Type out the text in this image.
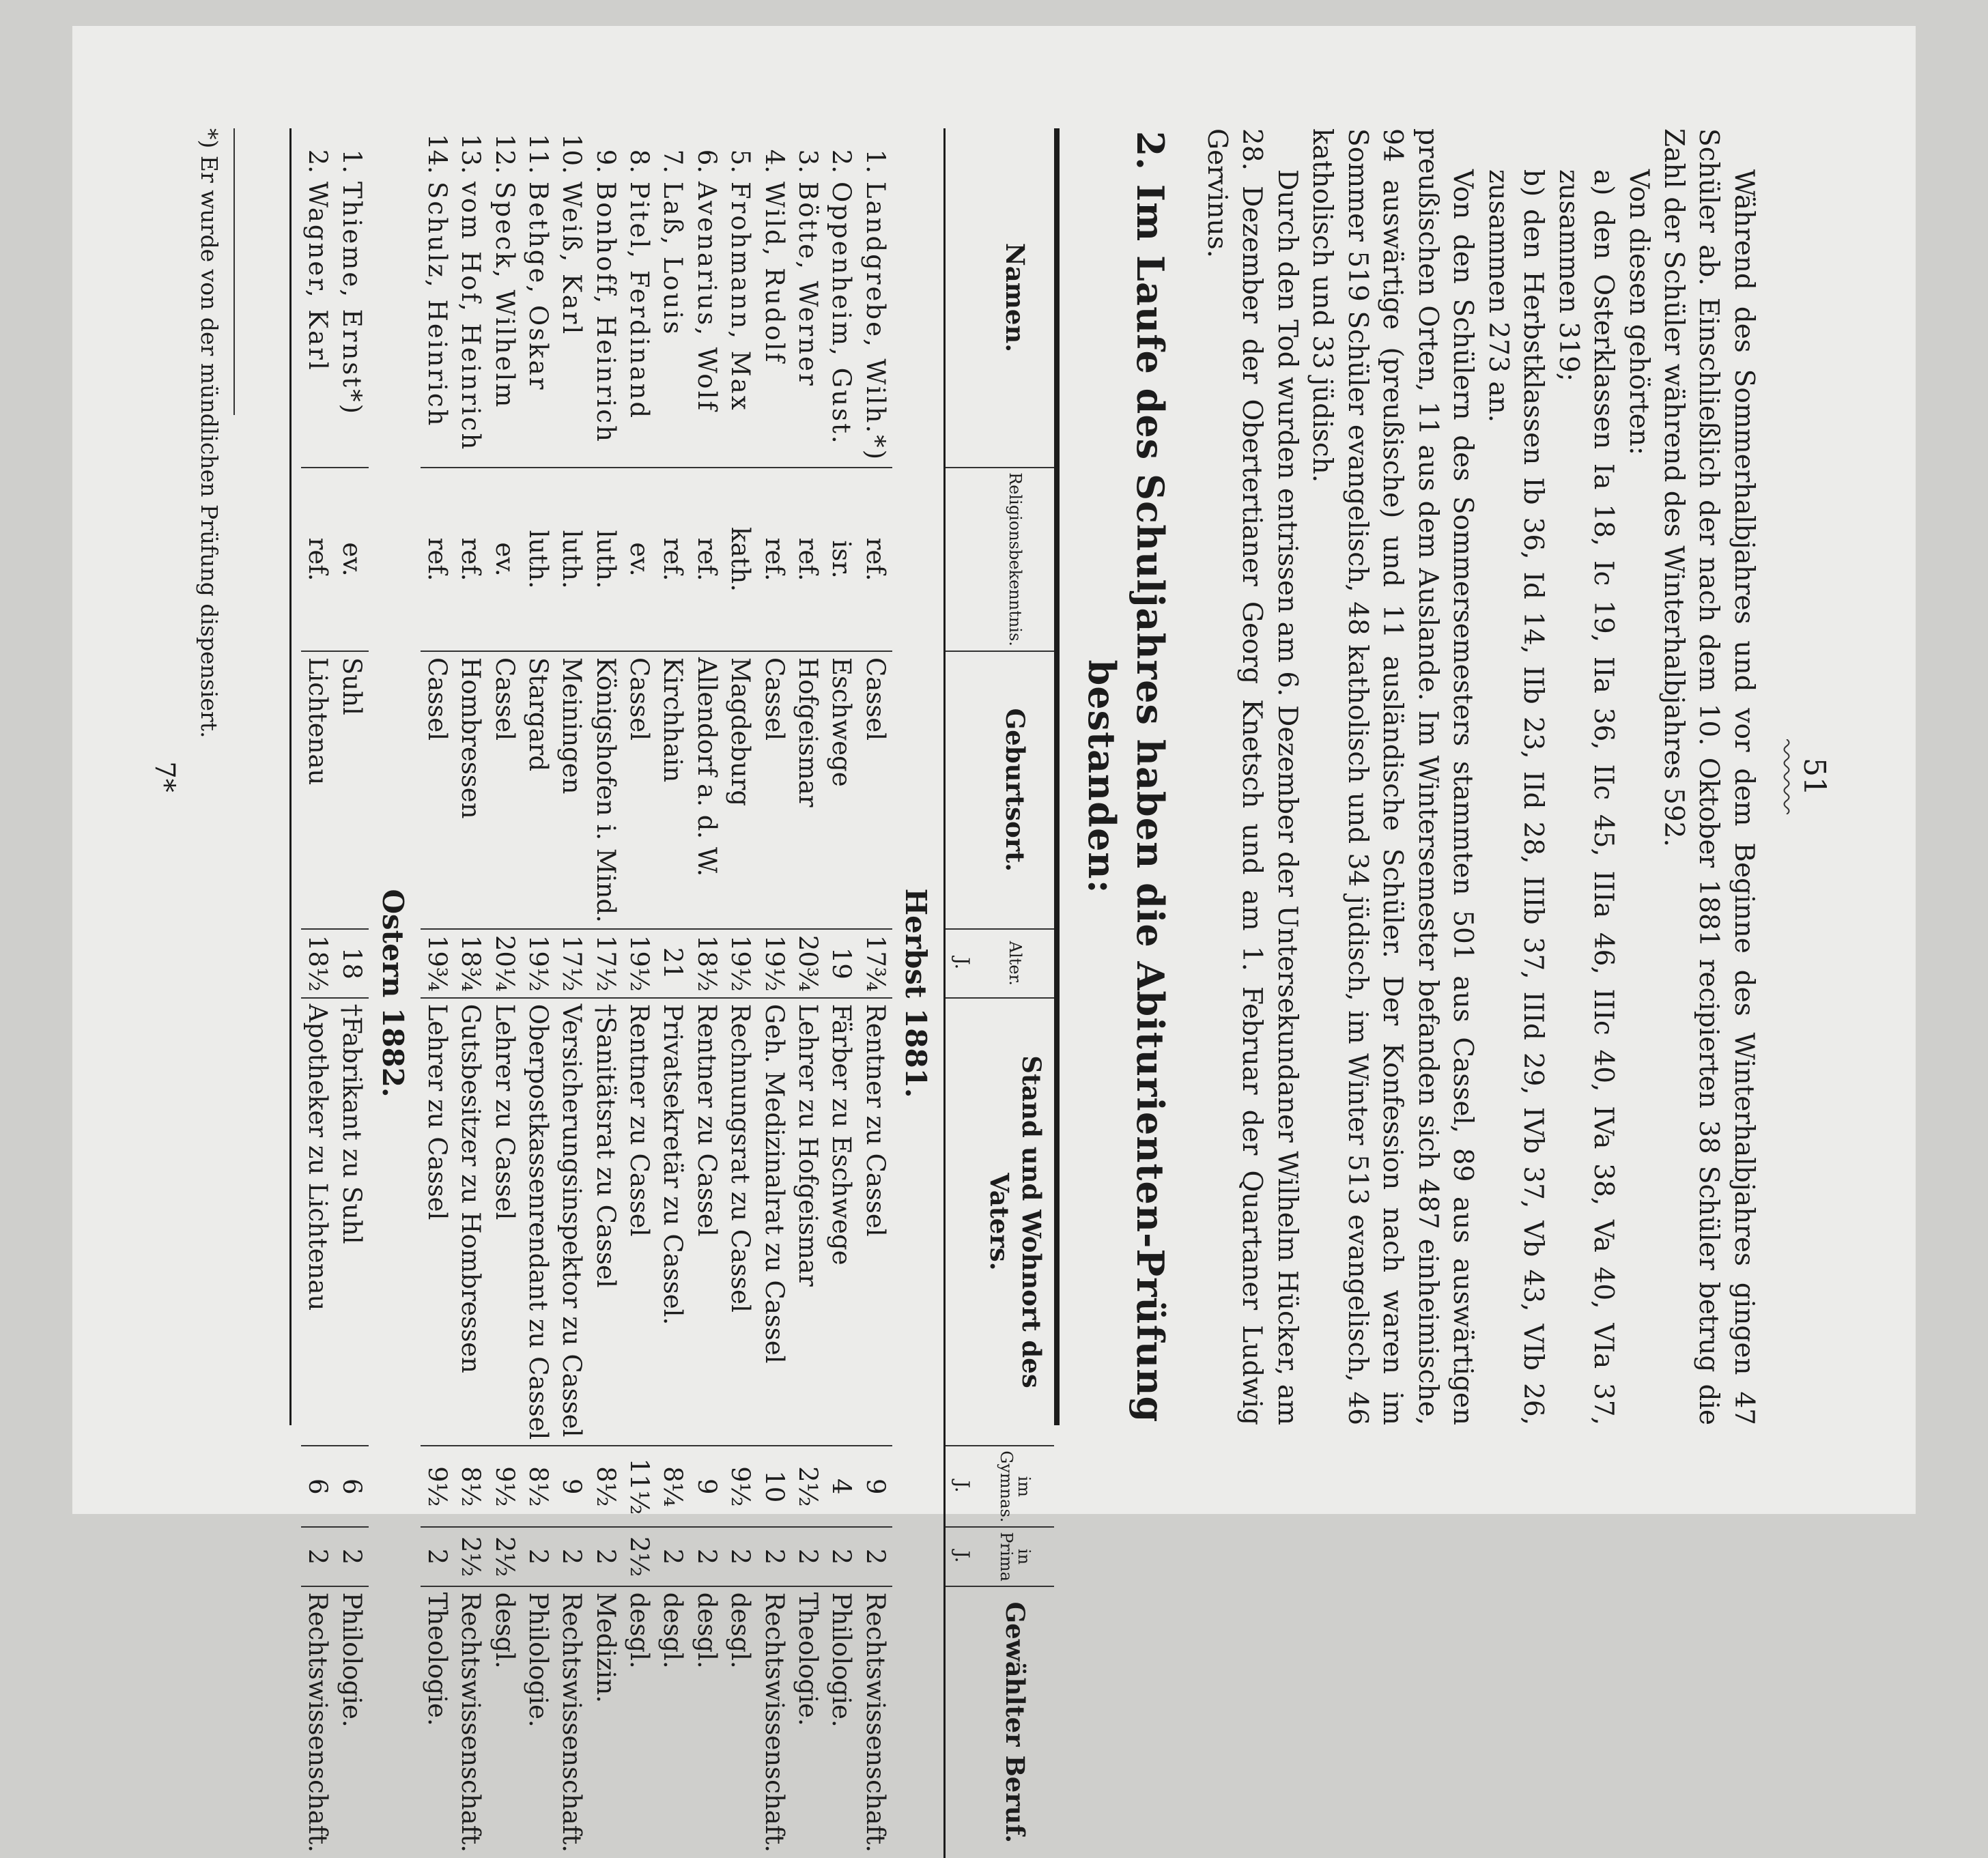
51

Während des Sommerhalbjahres und vor dem Beginne des Winterhalbjahres gingen 47 Schüler ab. Einschließlich der nach dem 10. Oktober 1881 recipierten 38 Schüler betrug die Zahl der Schüler während des Winterhalbjahres 592.

Von diesen gehörten:

a) den Osterklassen Ia 18, Ic 19, IIa 36, IIc 45, IIIa 46, IIIc 40, IVa 38, Va 40, VIa 37, zusammen 319;

b) den Herbstklassen Ib 36, Id 14, IIb 23, IId 28, IIIb 37, IIId 29, IVb 37, Vb 43, VIb 26, zusammen 273 an.

Von den Schülern des Sommersemesters stammten 501 aus Cassel, 89 aus auswärtigen preußischen Orten, 11 aus dem Auslande. Im Wintersemester befanden sich 487 einheimische, 94 auswärtige (preußische) und 11 ausländische Schüler. Der Konfession nach waren im Sommer 519 Schüler evangelisch, 48 katholisch und 34 jüdisch, im Winter 513 evangelisch, 46 katholisch und 33 jüdisch.

Durch den Tod wurden entrissen am 6. Dezember der Untersekundaner Wilhelm Hücker, am 28. Dezember der Obertertianer Georg Knetsch und am 1. Februar der Quartaner Ludwig Gervinus.

2. Im Laufe des Schuljahres haben die Abiturienten-Prüfung bestanden:
Namen.	Religionsbekenntnis.	Geburtsort.	Alter.	Stand und Wohnort des Vaters.	im Gymnas.	in Prima	Gewählter Beruf.
			J.		J.	J.	
Herbst 1881.							
1.Landgrebe, Wilh.*)	ref.	Cassel	17¾	Rentner zu Cassel	9	2	Rechtswissenschaft.
2.Oppenheim, Gust.	isr.	Eschwege	19	Färber zu Eschwege	4	2	Philologie.
3.Bötte, Werner	ref.	Hofgeismar	20¾	Lehrer zu Hofgeismar	2½	2	Theologie.
4.Wild, Rudolf	ref.	Cassel	19½	Geh. Medizinalrat zu Cassel	10	2	Rechtswissenschaft.
5.Frohmann, Max	kath.	Magdeburg	19½	Rechnungsrat zu Cassel	9½	2	desgl.
6.Avenarius, Wolf	ref.	Allendorf a. d. W.	18½	Rentner zu Cassel	9	2	desgl.
7.Laß, Louis	ref.	Kirchhain	21	Privatsekretär zu Cassel.	8¼	2	desgl.
8.Pitel, Ferdinand	ev.	Cassel	19½	Rentner zu Cassel	11½	2½	desgl.
9.Bonhoff, Heinrich	luth.	Königshofen i. Mind.	17½	†Sanitätsrat zu Cassel	8½	2	Medizin.
10.Weiß, Karl	luth.	Meiningen	17½	Versicherungsinspektor zu Cassel	9	2	Rechtswissenschaft.
11.Bethge, Oskar	luth.	Stargard	19½	Oberpostkassenrendant zu Cassel	8½	2	Philologie.
12.Speck, Wilhelm	ev.	Cassel	20¼	Lehrer zu Cassel	9½	2½	desgl.
13.vom Hof, Heinrich	ref.	Hombressen	18¾	Gutsbesitzer zu Hombressen	8½	2½	Rechtswissenschaft.
14.Schulz, Heinrich	ref.	Cassel	19¾	Lehrer zu Cassel	9½	2	Theologie.
Ostern 1882.							
1.Thieme, Ernst*)	ev.	Suhl	18	†Fabrikant zu Suhl	6	2	Philologie.
2.Wagner, Karl	ref.	Lichtenau	18½	Apotheker zu Lichtenau	6	2	Rechtswissenschaft.
*) Er wurde von der mündlichen Prüfung dispensiert.
7*
